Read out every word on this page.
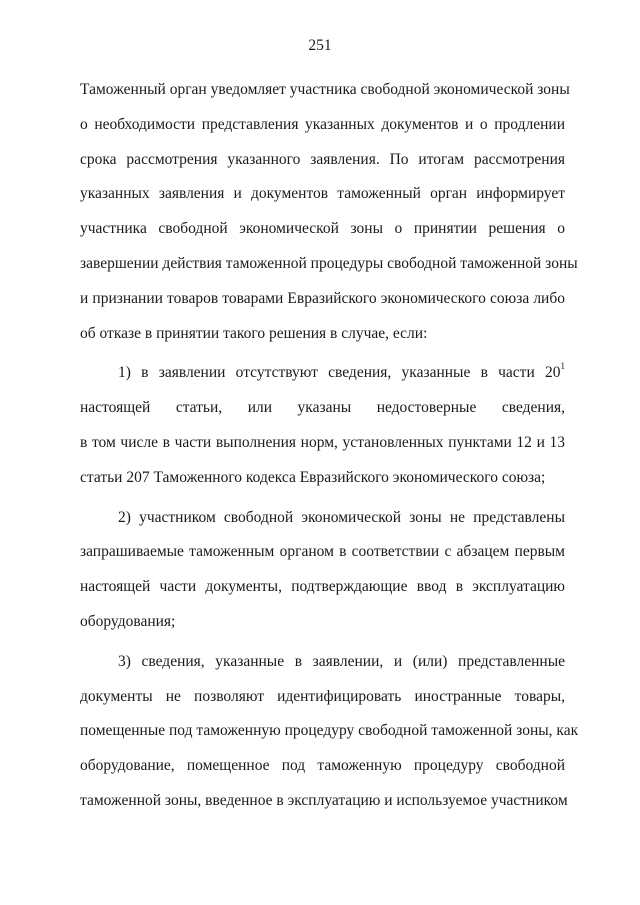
251
Таможенный орган уведомляет участника свободной экономической зоны
о необходимости представления указанных документов и о продлении
срока рассмотрения указанного заявления. По итогам рассмотрения
указанных заявления и документов таможенный орган информирует
участника свободной экономической зоны о принятии решения о
завершении действия таможенной процедуры свободной таможенной зоны
и признании товаров товарами Евразийского экономического союза либо
об отказе в принятии такого решения в случае, если:
1) в заявлении отсутствуют сведения, указанные в части $20^1$
настоящей статьи, или указаны недостоверные сведения,
в том числе в части выполнения норм, установленных пунктами 12 и 13
статьи 207 Таможенного кодекса Евразийского экономического союза;
2) участником свободной экономической зоны не представлены
запрашиваемые таможенным органом в соответствии с абзацем первым
настоящей части документы, подтверждающие ввод в эксплуатацию
оборудования;
3) сведения, указанные в заявлении, и (или) представленные
документы не позволяют идентифицировать иностранные товары,
помещенные под таможенную процедуру свободной таможенной зоны, как
оборудование, помещенное под таможенную процедуру свободной
таможенной зоны, введенное в эксплуатацию и используемое участником
